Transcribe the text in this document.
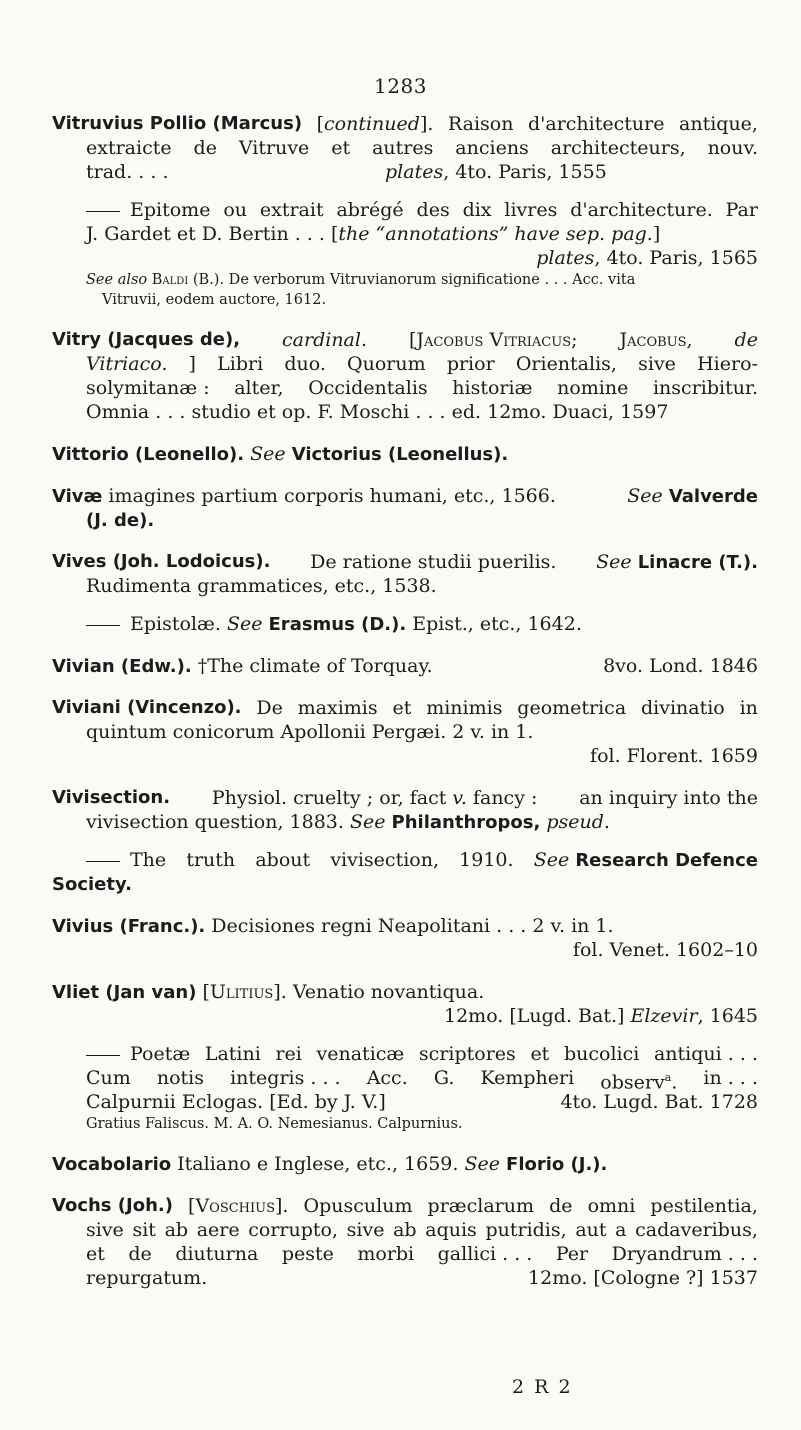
1283
Vitruvius Pollio (Marcus) [continued]. Raison d'architecture antique,
extraicte de Vitruve et autres anciens architecteurs, nouv.
trad. . . .	plates, 4to. Paris, 1555
Epitome ou extrait abrégé des dix livres d'architecture. Par
J. Gardet et D. Bertin . . . [the “annotations” have sep. pag.]
plates, 4to. Paris, 1565
See also Baldi (B.). De verborum Vitruvianorum significatione . . . Acc. vita
Vitruvii, eodem auctore, 1612.
Vitry (Jacques de), cardinal. [Jacobus Vitriacus; Jacobus, de
Vitriaco. ] Libri duo. Quorum prior Orientalis, sive Hiero-
solymitanæ : alter, Occidentalis historiæ nomine inscribitur.
Omnia . . . studio et op. F. Moschi . . . ed. 12mo. Duaci, 1597
Vittorio (Leonello). See Victorius (Leonellus).
Vivæ imagines partium corporis humani, etc., 1566.	See Valverde
(J. de).
Vives (Joh. Lodoicus). De ratione studii puerilis. See Linacre (T.).
Rudimenta grammatices, etc., 1538.
Epistolæ. See Erasmus (D.). Epist., etc., 1642.
Vivian (Edw.). †The climate of Torquay.	8vo. Lond. 1846
Viviani (Vincenzo). De maximis et minimis geometrica divinatio in
quintum conicorum Apollonii Pergæi. 2 v. in 1.
fol. Florent. 1659
Vivisection. Physiol. cruelty ; or, fact v. fancy : an inquiry into the
vivisection question, 1883. See Philanthropos, pseud.
The truth about vivisection, 1910. See Research Defence
Society.
Vivius (Franc.). Decisiones regni Neapolitani . . . 2 v. in 1.
fol. Venet. 1602–10
Vliet (Jan van) [Ulitius]. Venatio novantiqua.
12mo. [Lugd. Bat.] Elzevir, 1645
Poetæ Latini rei venaticæ scriptores et bucolici antiqui . . .
Cum notis integris . . . Acc. G. Kempheri observ$^a$. in . . .
Calpurnii Eclogas. [Ed. by J. V.]	4to. Lugd. Bat. 1728
Gratius Faliscus. M. A. O. Nemesianus. Calpurnius.
Vocabolario Italiano e Inglese, etc., 1659. See Florio (J.).
Vochs (Joh.) [Voschius]. Opusculum præclarum de omni pestilentia,
sive sit ab aere corrupto, sive ab aquis putridis, aut a cadaveribus,
et de diuturna peste morbi gallici . . . Per Dryandrum . . .
repurgatum.	12mo. [Cologne ?] 1537
2 R 2
